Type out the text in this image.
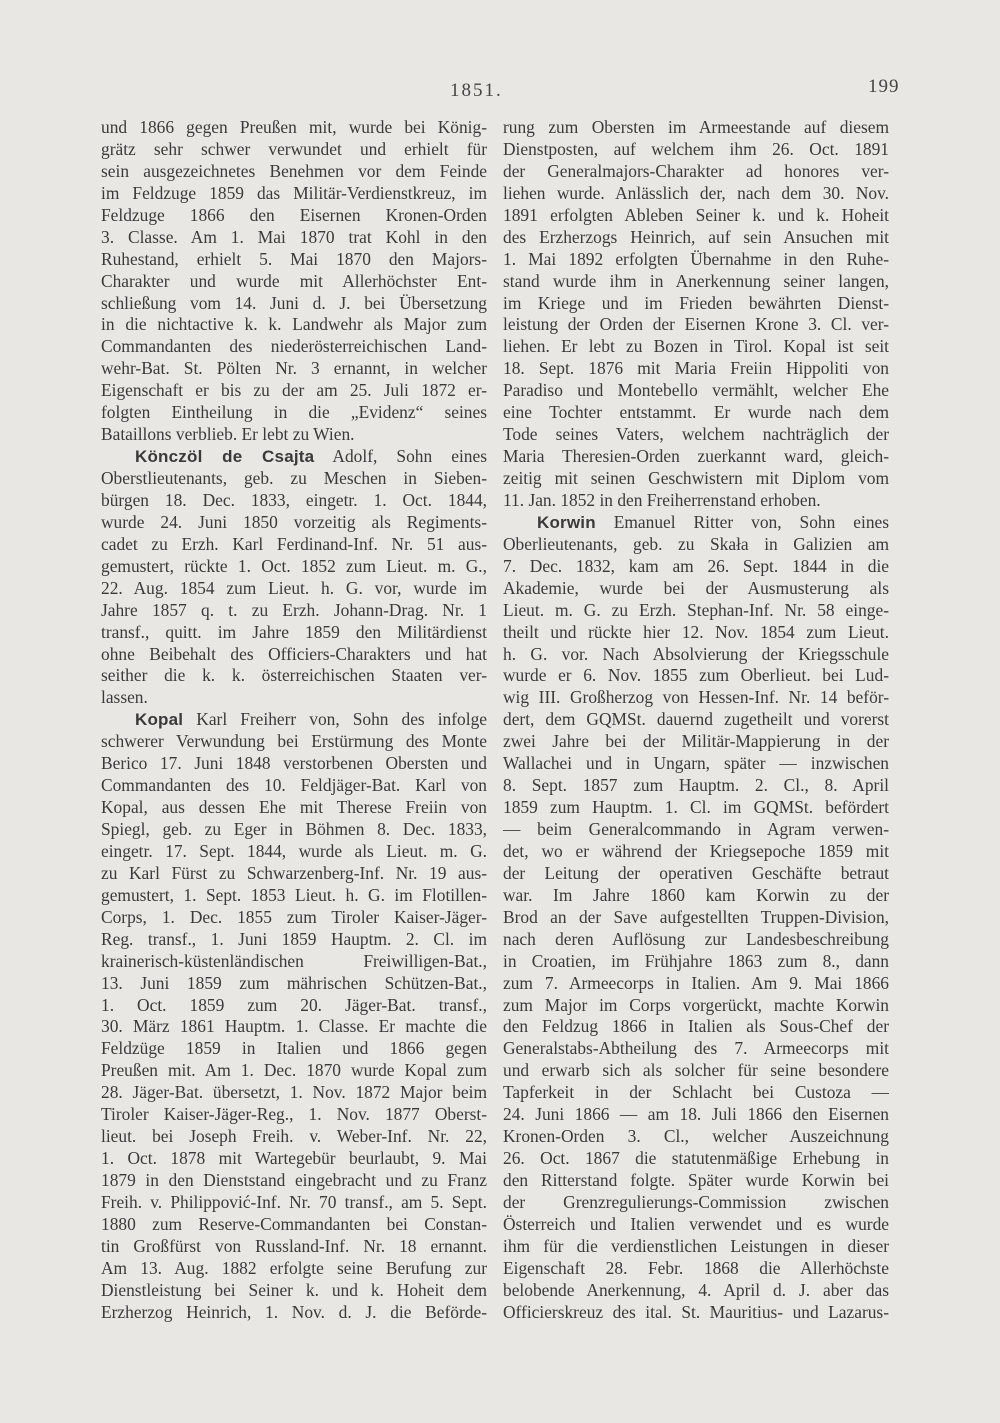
1851.	199
und 1866 gegen Preußen mit, wurde bei König-
grätz sehr schwer verwundet und erhielt für
sein ausgezeichnetes Benehmen vor dem Feinde
im Feldzuge 1859 das Militär-Verdienstkreuz, im
Feldzuge 1866 den Eisernen Kronen-Orden
3. Classe. Am 1. Mai 1870 trat Kohl in den
Ruhestand, erhielt 5. Mai 1870 den Majors-
Charakter und wurde mit Allerhöchster Ent-
schließung vom 14. Juni d. J. bei Übersetzung
in die nichtactive k. k. Landwehr als Major zum
Commandanten des niederösterreichischen Land-
wehr-Bat. St. Pölten Nr. 3 ernannt, in welcher
Eigenschaft er bis zu der am 25. Juli 1872 er-
folgten Eintheilung in die „Evidenz“ seines
Bataillons verblieb. Er lebt zu Wien.
Könczöl de Csajta Adolf, Sohn eines
Oberstlieutenants, geb. zu Meschen in Sieben-
bürgen 18. Dec. 1833, eingetr. 1. Oct. 1844,
wurde 24. Juni 1850 vorzeitig als Regiments-
cadet zu Erzh. Karl Ferdinand-Inf. Nr. 51 aus-
gemustert, rückte 1. Oct. 1852 zum Lieut. m. G.,
22. Aug. 1854 zum Lieut. h. G. vor, wurde im
Jahre 1857 q. t. zu Erzh. Johann-Drag. Nr. 1
transf., quitt. im Jahre 1859 den Militärdienst
ohne Beibehalt des Officiers-Charakters und hat
seither die k. k. österreichischen Staaten ver-
lassen.
Kopal Karl Freiherr von, Sohn des infolge
schwerer Verwundung bei Erstürmung des Monte
Berico 17. Juni 1848 verstorbenen Obersten und
Commandanten des 10. Feldjäger-Bat. Karl von
Kopal, aus dessen Ehe mit Therese Freiin von
Spiegl, geb. zu Eger in Böhmen 8. Dec. 1833,
eingetr. 17. Sept. 1844, wurde als Lieut. m. G.
zu Karl Fürst zu Schwarzenberg-Inf. Nr. 19 aus-
gemustert, 1. Sept. 1853 Lieut. h. G. im Flotillen-
Corps, 1. Dec. 1855 zum Tiroler Kaiser-Jäger-
Reg. transf., 1. Juni 1859 Hauptm. 2. Cl. im
krainerisch-küstenländischen Freiwilligen-Bat.,
13. Juni 1859 zum mährischen Schützen-Bat.,
1. Oct. 1859 zum 20. Jäger-Bat. transf.,
30. März 1861 Hauptm. 1. Classe. Er machte die
Feldzüge 1859 in Italien und 1866 gegen
Preußen mit. Am 1. Dec. 1870 wurde Kopal zum
28. Jäger-Bat. übersetzt, 1. Nov. 1872 Major beim
Tiroler Kaiser-Jäger-Reg., 1. Nov. 1877 Oberst-
lieut. bei Joseph Freih. v. Weber-Inf. Nr. 22,
1. Oct. 1878 mit Wartegebür beurlaubt, 9. Mai
1879 in den Dienststand eingebracht und zu Franz
Freih. v. Philippović-Inf. Nr. 70 transf., am 5. Sept.
1880 zum Reserve-Commandanten bei Constan-
tin Großfürst von Russland-Inf. Nr. 18 ernannt.
Am 13. Aug. 1882 erfolgte seine Berufung zur
Dienstleistung bei Seiner k. und k. Hoheit dem
Erzherzog Heinrich, 1. Nov. d. J. die Beförde-
rung zum Obersten im Armeestande auf diesem
Dienstposten, auf welchem ihm 26. Oct. 1891
der Generalmajors-Charakter ad honores ver-
liehen wurde. Anlässlich der, nach dem 30. Nov.
1891 erfolgten Ableben Seiner k. und k. Hoheit
des Erzherzogs Heinrich, auf sein Ansuchen mit
1. Mai 1892 erfolgten Übernahme in den Ruhe-
stand wurde ihm in Anerkennung seiner langen,
im Kriege und im Frieden bewährten Dienst-
leistung der Orden der Eisernen Krone 3. Cl. ver-
liehen. Er lebt zu Bozen in Tirol. Kopal ist seit
18. Sept. 1876 mit Maria Freiin Hippoliti von
Paradiso und Montebello vermählt, welcher Ehe
eine Tochter entstammt. Er wurde nach dem
Tode seines Vaters, welchem nachträglich der
Maria Theresien-Orden zuerkannt ward, gleich-
zeitig mit seinen Geschwistern mit Diplom vom
11. Jan. 1852 in den Freiherrenstand erhoben.
Korwin Emanuel Ritter von, Sohn eines
Oberlieutenants, geb. zu Skała in Galizien am
7. Dec. 1832, kam am 26. Sept. 1844 in die
Akademie, wurde bei der Ausmusterung als
Lieut. m. G. zu Erzh. Stephan-Inf. Nr. 58 einge-
theilt und rückte hier 12. Nov. 1854 zum Lieut.
h. G. vor. Nach Absolvierung der Kriegsschule
wurde er 6. Nov. 1855 zum Oberlieut. bei Lud-
wig III. Großherzog von Hessen-Inf. Nr. 14 beför-
dert, dem GQMSt. dauernd zugetheilt und vorerst
zwei Jahre bei der Militär-Mappierung in der
Wallachei und in Ungarn, später — inzwischen
8. Sept. 1857 zum Hauptm. 2. Cl., 8. April
1859 zum Hauptm. 1. Cl. im GQMSt. befördert
— beim Generalcommando in Agram verwen-
det, wo er während der Kriegsepoche 1859 mit
der Leitung der operativen Geschäfte betraut
war. Im Jahre 1860 kam Korwin zu der
Brod an der Save aufgestellten Truppen-Division,
nach deren Auflösung zur Landesbeschreibung
in Croatien, im Frühjahre 1863 zum 8., dann
zum 7. Armeecorps in Italien. Am 9. Mai 1866
zum Major im Corps vorgerückt, machte Korwin
den Feldzug 1866 in Italien als Sous-Chef der
Generalstabs-Abtheilung des 7. Armeecorps mit
und erwarb sich als solcher für seine besondere
Tapferkeit in der Schlacht bei Custoza —
24. Juni 1866 — am 18. Juli 1866 den Eisernen
Kronen-Orden 3. Cl., welcher Auszeichnung
26. Oct. 1867 die statutenmäßige Erhebung in
den Ritterstand folgte. Später wurde Korwin bei
der Grenzregulierungs-Commission zwischen
Österreich und Italien verwendet und es wurde
ihm für die verdienstlichen Leistungen in dieser
Eigenschaft 28. Febr. 1868 die Allerhöchste
belobende Anerkennung, 4. April d. J. aber das
Officierskreuz des ital. St. Mauritius- und Lazarus-
